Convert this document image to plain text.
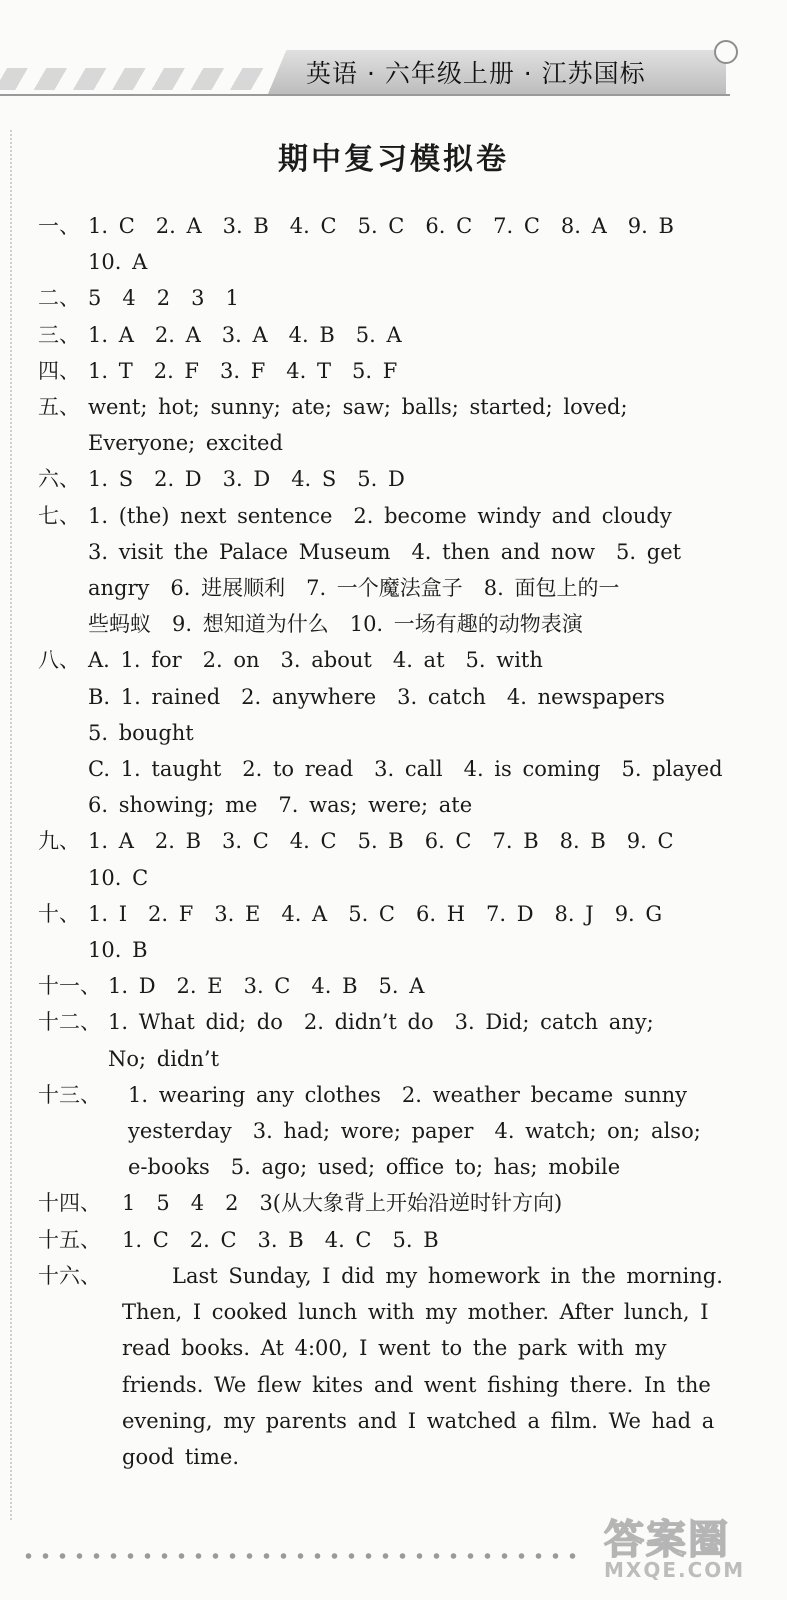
英语 · 六年级上册 · 江苏国标
期中复习模拟卷
一、 1. C　2. A　3. B　4. C　5. C　6. C　7. C　8. A　9. B
10. A
二、 5　4　2　3　1
三、 1. A　2. A　3. A　4. B　5. A
四、 1. T　2. F　3. F　4. T　5. F
五、 went; hot; sunny; ate; saw; balls; started; loved;
Everyone; excited
六、 1. S　2. D　3. D　4. S　5. D
七、 1. (the) next sentence　2. become windy and cloudy
3. visit the Palace Museum　4. then and now　5. get
angry　6. 进展顺利　7. 一个魔法盒子　8. 面包上的一
些蚂蚁　9. 想知道为什么　10. 一场有趣的动物表演
八、 A. 1. for　2. on　3. about　4. at　5. with
B. 1. rained　2. anywhere　3. catch　4. newspapers
5. bought
C. 1. taught　2. to read　3. call　4. is coming　5. played
6. showing; me　7. was; were; ate
九、 1. A　2. B　3. C　4. C　5. B　6. C　7. B　8. B　9. C
10. C
十、 1. I　2. F　3. E　4. A　5. C　6. H　7. D　8. J　9. G
10. B
十一、 1. D　2. E　3. C　4. B　5. A
十二、 1. What did; do　2. didn’t do　3. Did; catch any;
No; didn’t
十三、	1. wearing any clothes　2. weather became sunny
yesterday　3. had; wore; paper　4. watch; on; also;
e-books　5. ago; used; office to; has; mobile
十四、	1　5　4　2　3(从大象背上开始沿逆时针方向)
十五、	1. C　2. C　3. B　4. C　5. B
十六、	Last Sunday, I did my homework in the morning.
Then, I cooked lunch with my mother. After lunch, I
read books. At 4:00, I went to the park with my
friends. We flew kites and went fishing there. In the
evening, my parents and I watched a film. We had a
good time.
答案圈
MXQE.COM
